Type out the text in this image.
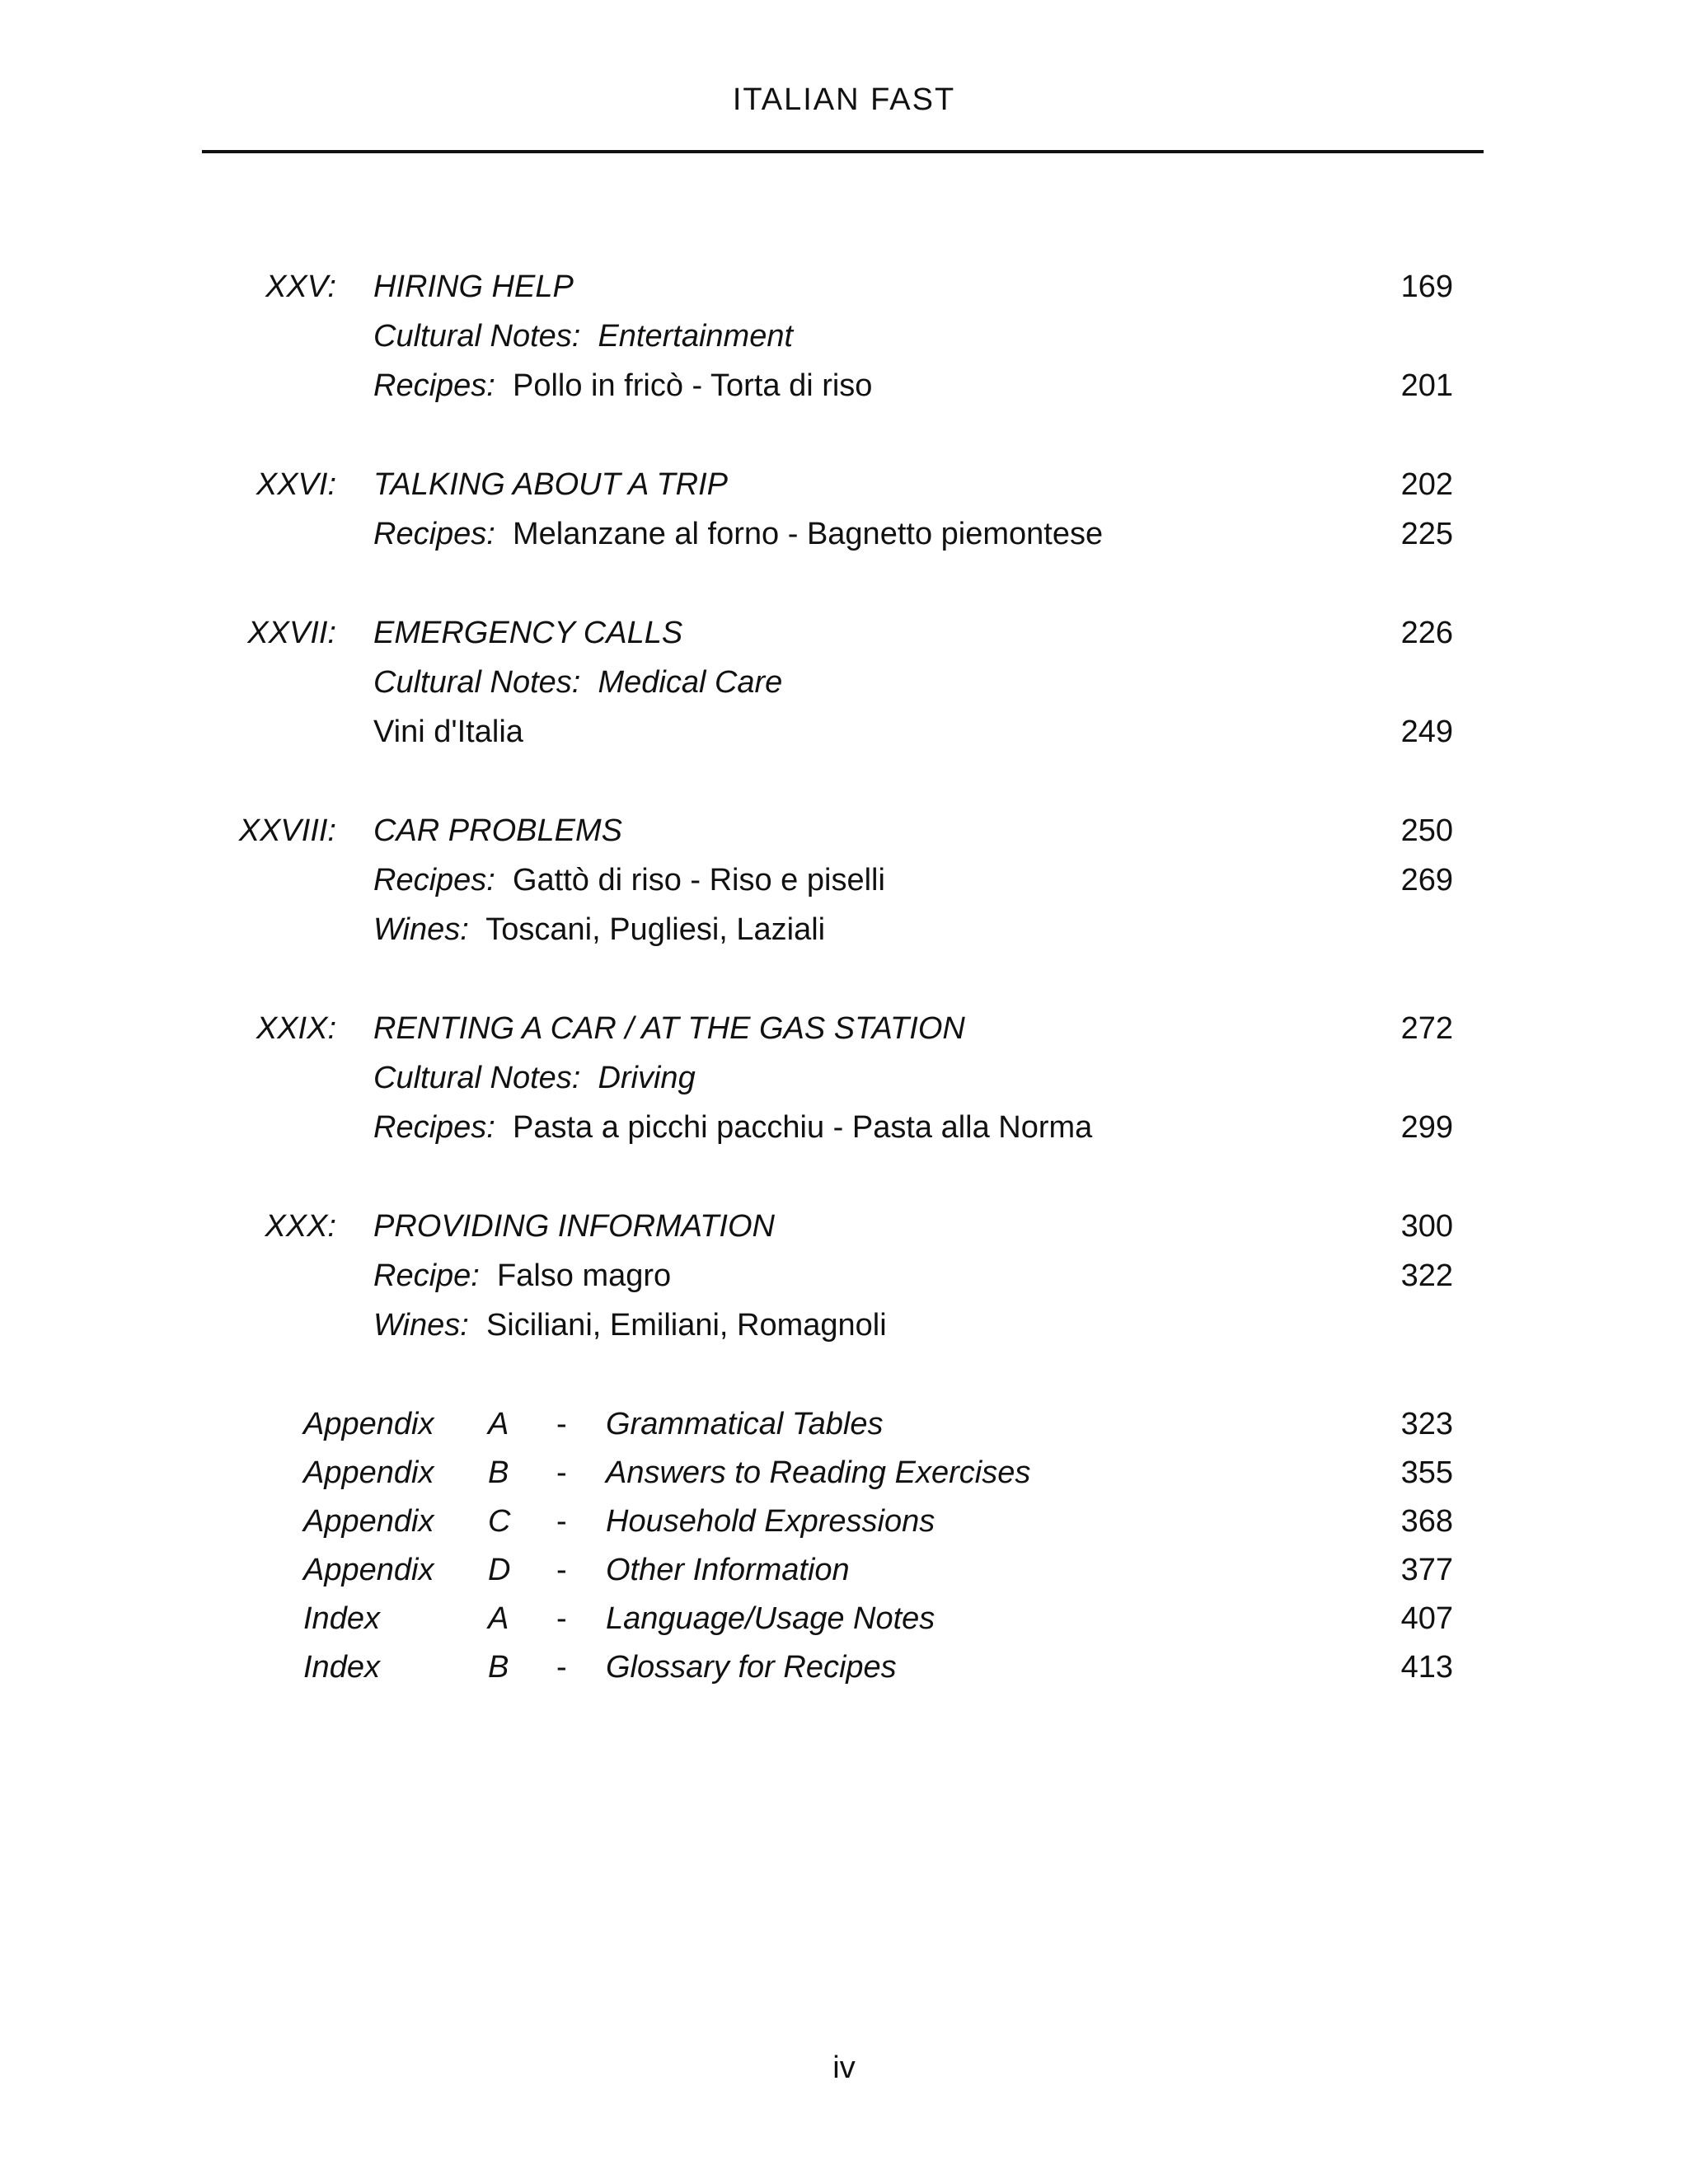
ITALIAN FAST
XXV: HIRING HELP	169
Cultural Notes: Entertainment
Recipes: Pollo in fricò - Torta di riso	201
XXVI: TALKING ABOUT A TRIP	202
Recipes: Melanzane al forno - Bagnetto piemontese	225
XXVII: EMERGENCY CALLS	226
Cultural Notes: Medical Care
Vini d'Italia	249
XXVIII: CAR PROBLEMS	250
Recipes: Gattò di riso - Riso e piselli	269
Wines: Toscani, Pugliesi, Laziali
XXIX: RENTING A CAR / AT THE GAS STATION	272
Cultural Notes: Driving
Recipes: Pasta a picchi pacchiu - Pasta alla Norma	299
XXX: PROVIDING INFORMATION	300
Recipe: Falso magro	322
Wines: Siciliani, Emiliani, Romagnoli
Appendix A - Grammatical Tables	323
Appendix B - Answers to Reading Exercises	355
Appendix C - Household Expressions	368
Appendix D - Other Information	377
Index	A - Language/Usage Notes	407
Index	B - Glossary for Recipes	413
iv
